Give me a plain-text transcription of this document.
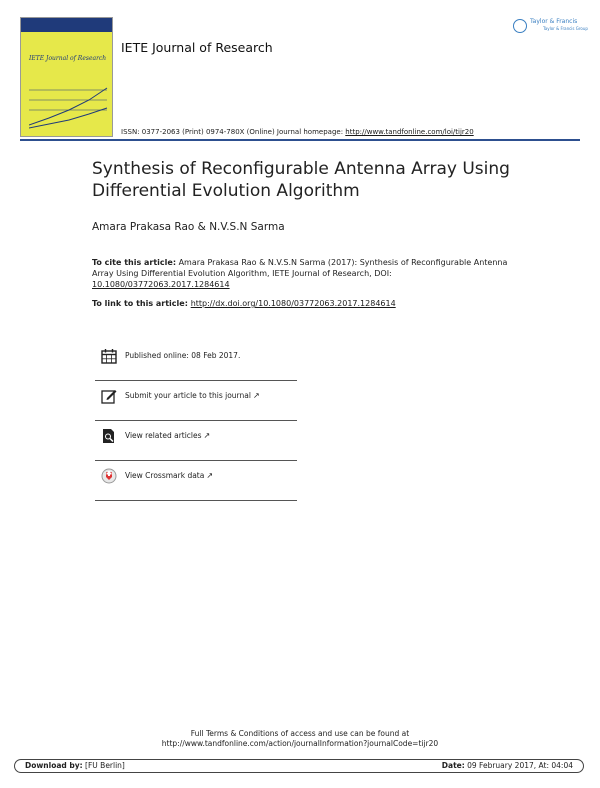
IETE Journal of Research
IETE Journal of Research
Taylor & Francis
Taylor & Francis Group
ISSN: 0377-2063 (Print) 0974-780X (Online) Journal homepage: http://www.tandfonline.com/loi/tijr20
Synthesis of Reconfigurable Antenna Array Using Differential Evolution Algorithm
Amara Prakasa Rao & N.V.S.N Sarma
To cite this article: Amara Prakasa Rao & N.V.S.N Sarma (2017): Synthesis of Reconfigurable Antenna Array Using Differential Evolution Algorithm, IETE Journal of Research, DOI: 10.1080/03772063.2017.1284614
To link to this article: http://dx.doi.org/10.1080/03772063.2017.1284614
Published online: 08 Feb 2017.
Submit your article to this journal ↗
View related articles ↗
View Crossmark data ↗
Full Terms & Conditions of access and use can be found at
http://www.tandfonline.com/action/journalInformation?journalCode=tijr20
Download by: [FU Berlin]	Date: 09 February 2017, At: 04:04
